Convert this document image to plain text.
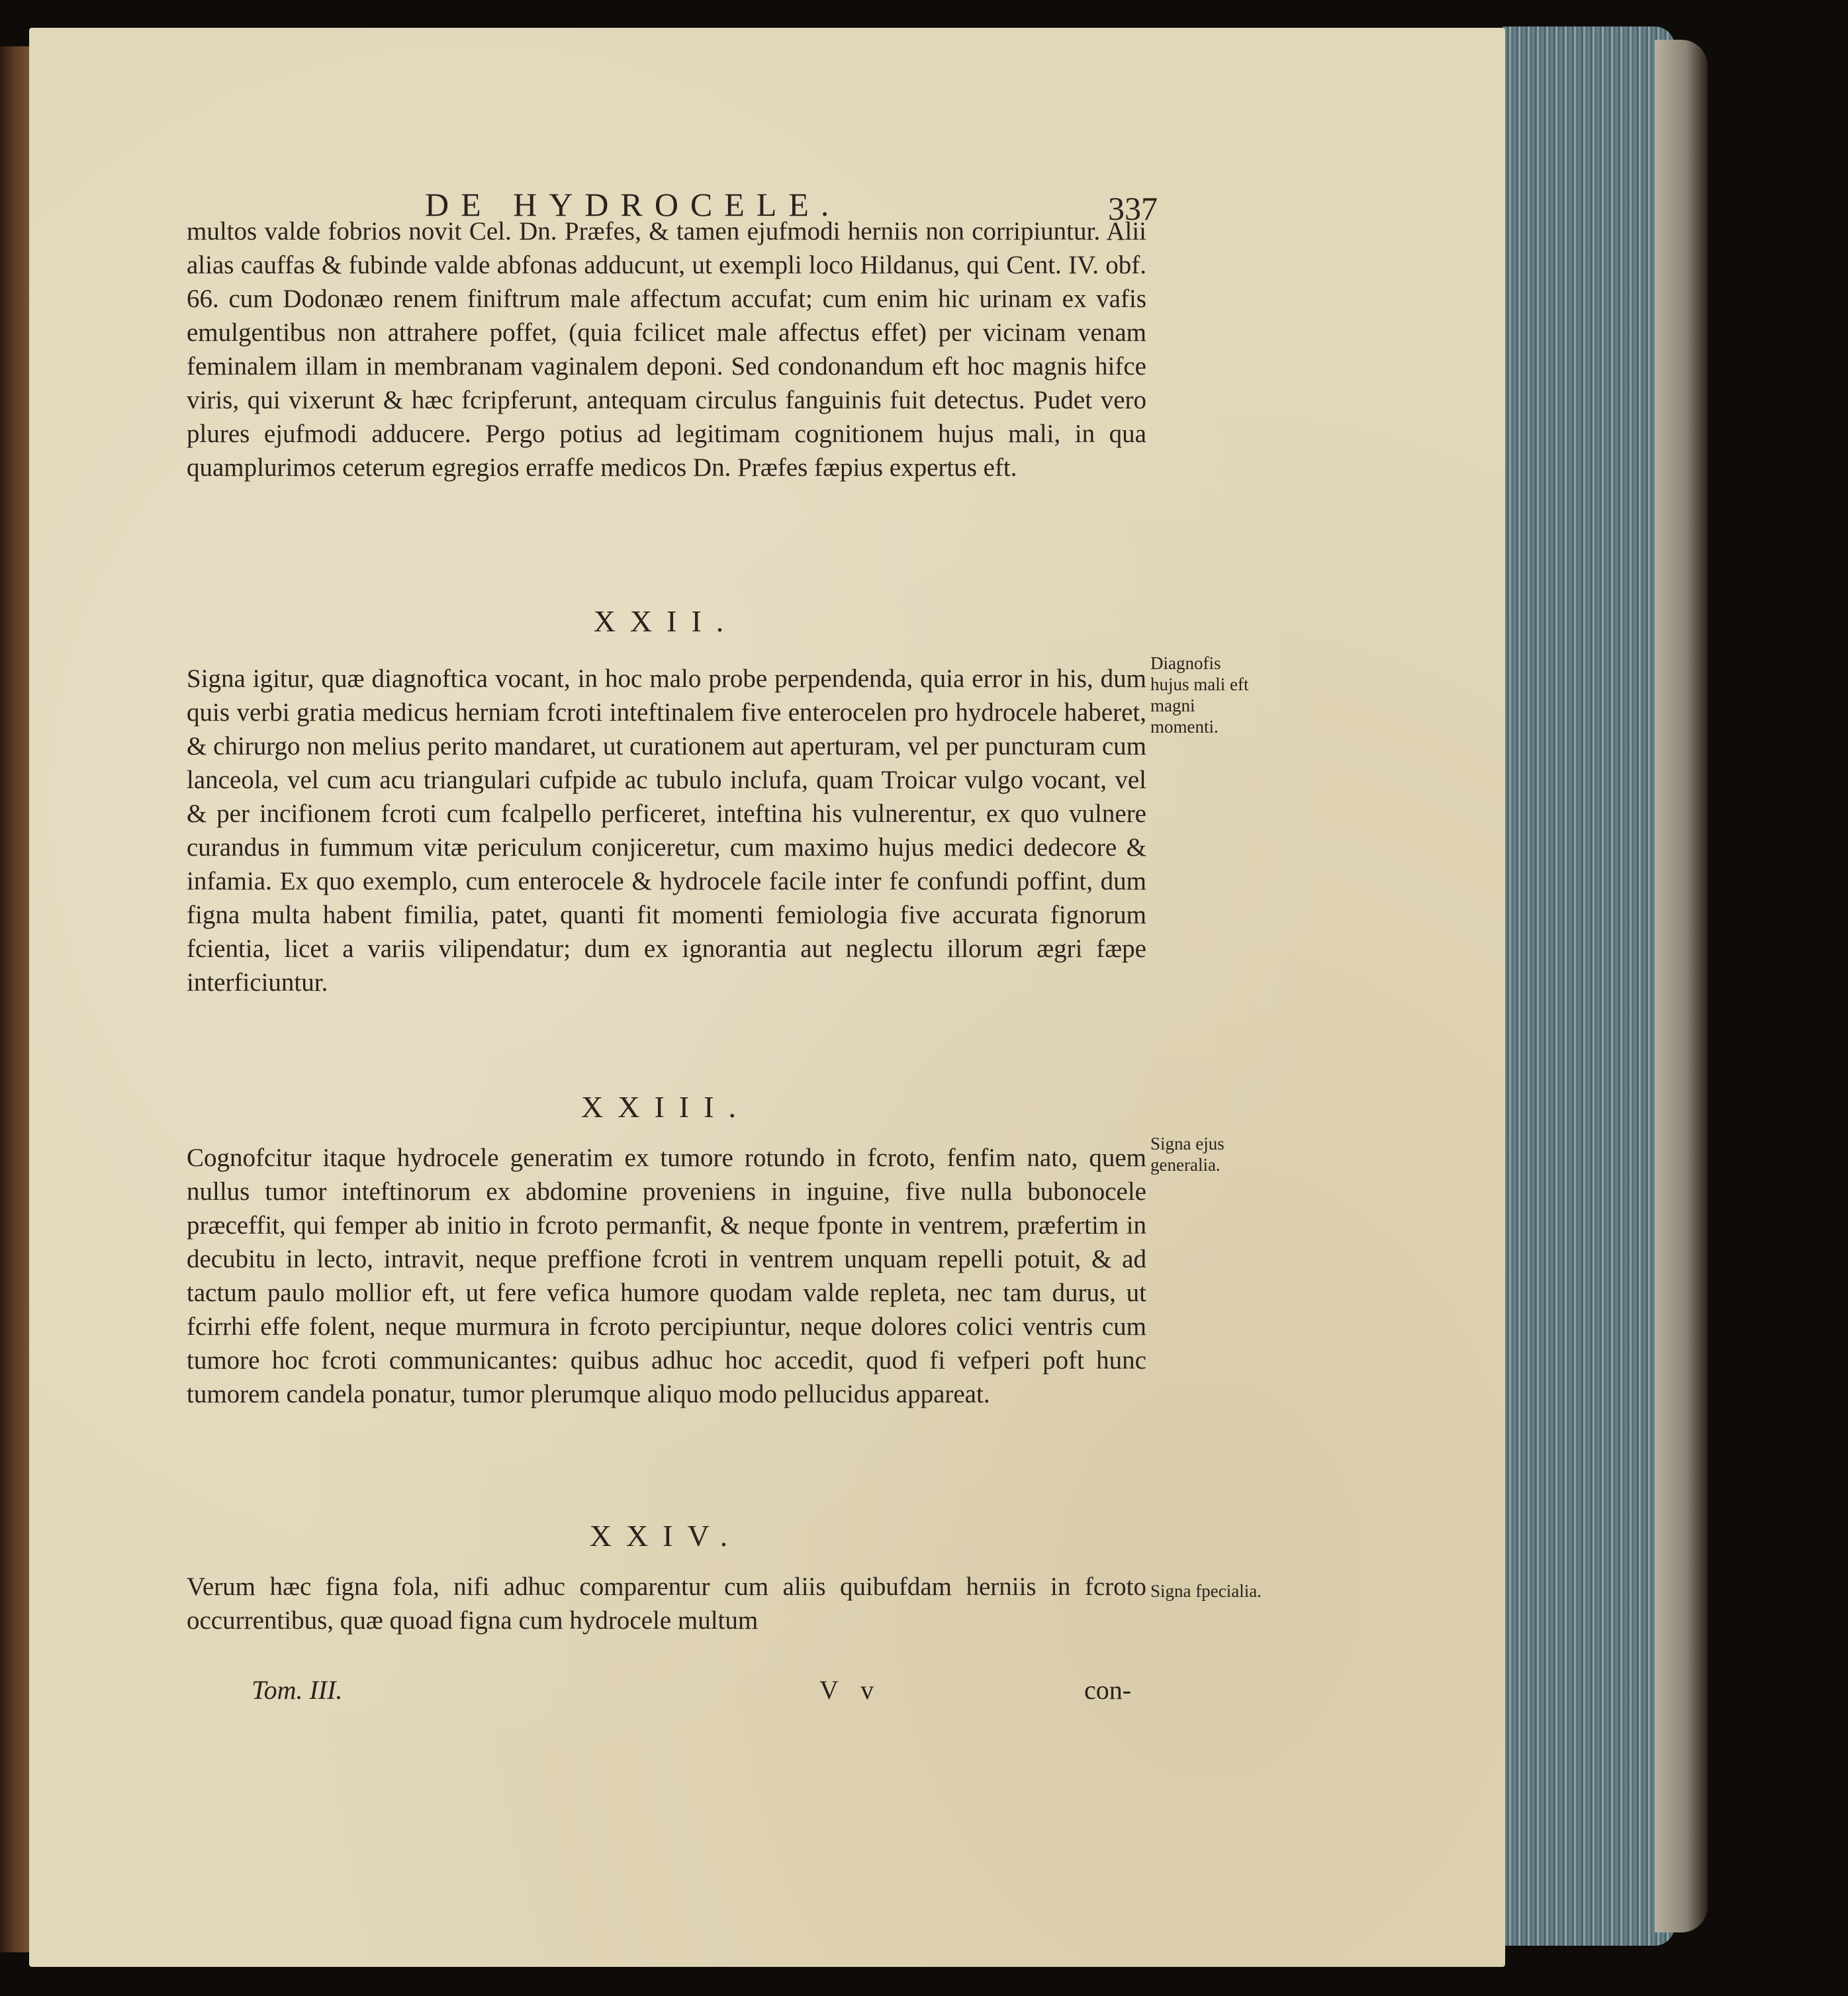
DE HYDROCELE.	337

multos valde fobrios novit Cel. Dn. Præfes, & tamen ejufmodi herniis non corripiuntur. Alii alias cauffas & fubinde valde abfonas adducunt, ut exempli loco Hildanus, qui Cent. IV. obf. 66. cum Dodonæo renem finiftrum male affectum accufat; cum enim hic urinam ex vafis emulgentibus non attrahere poffet, (quia fcilicet male affectus effet) per vicinam venam feminalem illam in membranam vaginalem deponi. Sed condonandum eft hoc magnis hifce viris, qui vixerunt & hæc fcripferunt, antequam circulus fanguinis fuit detectus. Pudet vero plures ejufmodi adducere. Pergo potius ad legitimam cognitionem hujus mali, in qua quamplurimos ceterum egregios erraffe medicos Dn. Præfes fæpius expertus eft.

XXII.

Signa igitur, quæ diagnoftica vocant, in hoc malo probe perpendenda, quia error in his, dum quis verbi gratia medicus herniam fcroti inteftinalem five enterocelen pro hydrocele haberet, & chirurgo non melius perito mandaret, ut curationem aut aperturam, vel per puncturam cum lanceola, vel cum acu triangulari cufpide ac tubulo inclufa, quam Troicar vulgo vocant, vel & per incifionem fcroti cum fcalpello perficeret, inteftina his vulnerentur, ex quo vulnere curandus in fummum vitæ periculum conjiceretur, cum maximo hujus medici dedecore & infamia. Ex quo exemplo, cum enterocele & hydrocele facile inter fe confundi poffint, dum figna multa habent fimilia, patet, quanti fit momenti femiologia five accurata fignorum fcientia, licet a variis vilipendatur; dum ex ignorantia aut neglectu illorum ægri fæpe interficiuntur.

Diagnofis hujus mali eft magni momenti.
XXIII.

Cognofcitur itaque hydrocele generatim ex tumore rotundo in fcroto, fenfim nato, quem nullus tumor inteftinorum ex abdomine proveniens in inguine, five nulla bubonocele præceffit, qui femper ab initio in fcroto permanfit, & neque fponte in ventrem, præfertim in decubitu in lecto, intravit, neque preffione fcroti in ventrem unquam repelli potuit, & ad tactum paulo mollior eft, ut fere vefica humore quodam valde repleta, nec tam durus, ut fcirrhi effe folent, neque murmura in fcroto percipiuntur, neque dolores colici ventris cum tumore hoc fcroti communicantes: quibus adhuc hoc accedit, quod fi vefperi poft hunc tumorem candela ponatur, tumor plerumque aliquo modo pellucidus appareat.

Signa ejus generalia.
XXIV.

Verum hæc figna fola, nifi adhuc comparentur cum aliis quibufdam herniis in fcroto occurrentibus, quæ quoad figna cum hydrocele multum

Signa fpecialia.
Tom. III.	V v	con-
